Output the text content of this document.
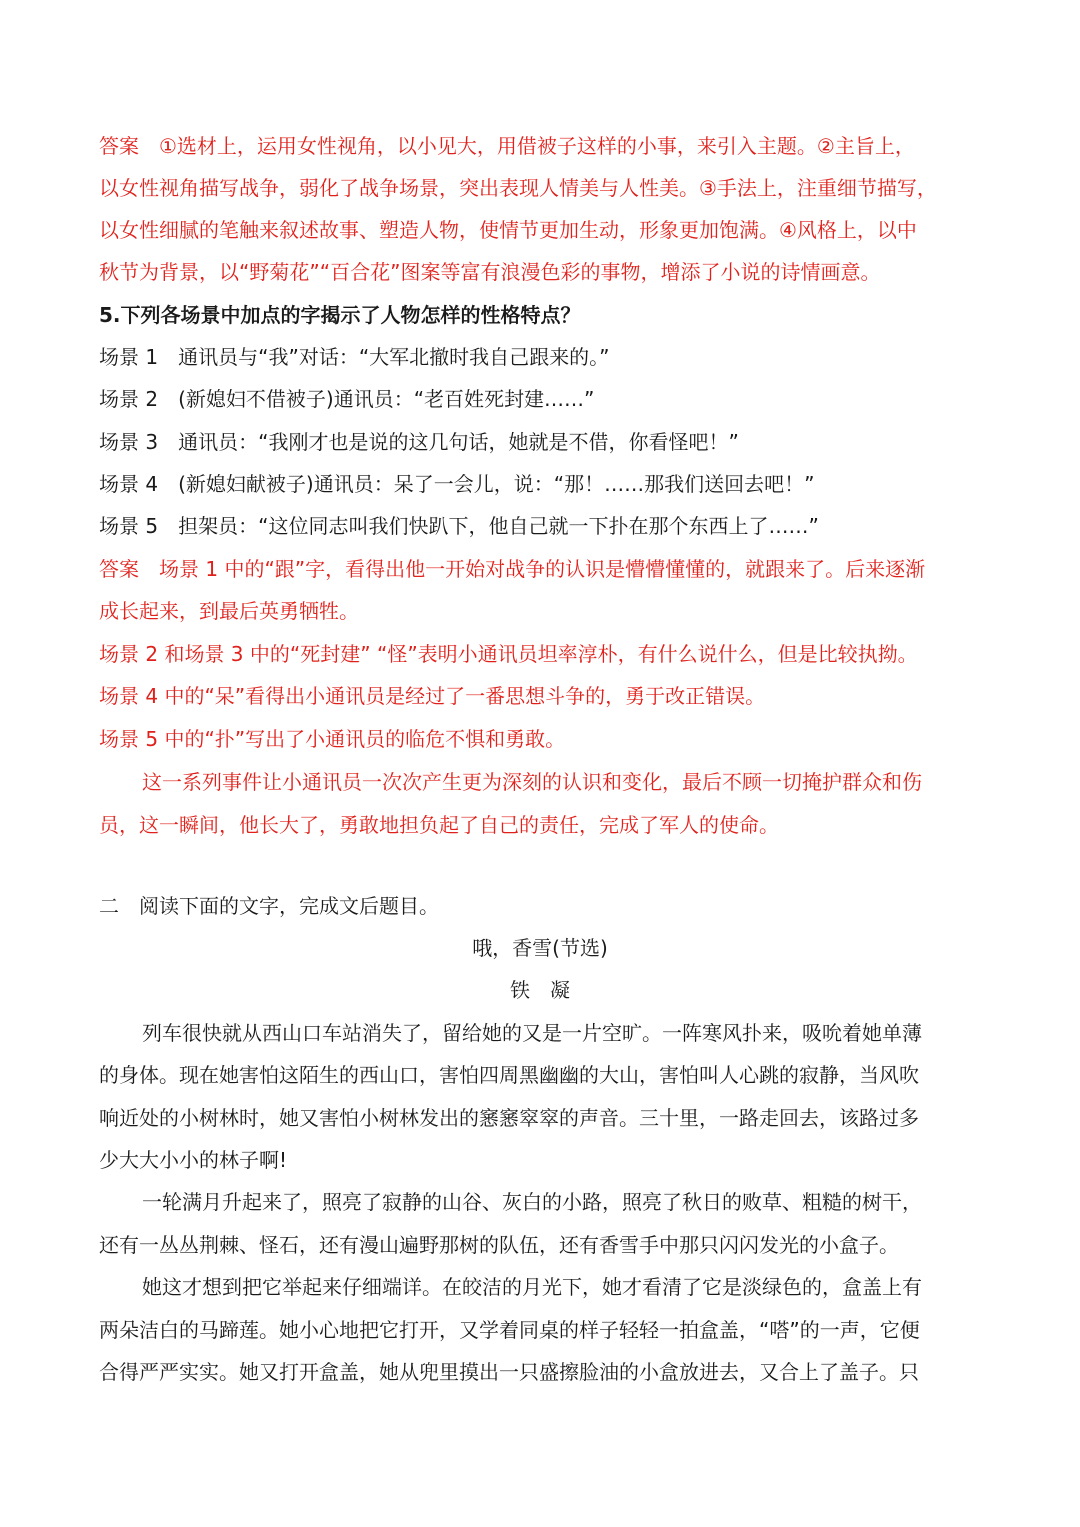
答案　①选材上，运用女性视角，以小见大，用借被子这样的小事，来引入主题。②主旨上，
以女性视角描写战争，弱化了战争场景，突出表现人情美与人性美。③手法上，注重细节描写，
以女性细腻的笔触来叙述故事、塑造人物，使情节更加生动，形象更加饱满。④风格上，以中
秋节为背景，以“野菊花”“百合花”图案等富有浪漫色彩的事物，增添了小说的诗情画意。
5.下列各场景中加点的字揭示了人物怎样的性格特点？
场景 1 通讯员与“我”对话：“大军北撤时我自己` 跟来的。”
场景 2 (新媳妇不借被子)通讯员：“老百姓` 死封建……”
场景 3 通讯员：“我刚才也是说的这几句话，她就是不借，你看` 怪吧！”
场景 4 (新媳妇献被子)通讯员：` 呆了一会儿，说：“那！……那我们送回去吧！”
场景 5 担架员：“这位同志叫我们快趴下，他自己就一下` 扑在那个东西上了……”
答案　场景 1 中的“跟”字，看得出他一开始对战争的认识是懵懵懂懂的，就跟来了。后来逐渐
成长起来，到最后英勇牺牲。
场景 2 和场景 3 中的“死封建” “怪”表明小通讯员坦率淳朴，有什么说什么，但是比较执拗。
场景 4 中的“呆”看得出小通讯员是经过了一番思想斗争的，勇于改正错误。
场景 5 中的“扑”写出了小通讯员的临危不惧和勇敢。
这一系列事件让小通讯员一次次产生更为深刻的认识和变化，最后不顾一切掩护群众和伤
员，这一瞬间，他长大了，勇敢地担负起了自己的责任，完成了军人的使命。
二　阅读下面的文字，完成文后题目。
哦，香雪(节选)
铁　凝
列车很快就从西山口车站消失了，留给她的又是一片空旷。一阵寒风扑来，吸吮着她单薄
的身体。现在她害怕这陌生的西山口，害怕四周黑幽幽的大山，害怕叫人心跳的寂静，当风吹
响近处的小树林时，她又害怕小树林发出的窸窸窣窣的声音。三十里，一路走回去，该路过多
少大大小小的林子啊!
一轮满月升起来了，照亮了寂静的山谷、灰白的小路，照亮了秋日的败草、粗糙的树干，
还有一丛丛荆棘、怪石，还有漫山遍野那树的队伍，还有香雪手中那只闪闪发光的小盒子。
她这才想到把它举起来仔细端详。在皎洁的月光下，她才看清了它是淡绿色的，盒盖上有
两朵洁白的马蹄莲。她小心地把它打开，又学着同桌的样子轻轻一拍盒盖，“嗒”的一声，它便
合得严严实实。她又打开盒盖，她从兜里摸出一只盛擦脸油的小盒放进去，又合上了盖子。只
